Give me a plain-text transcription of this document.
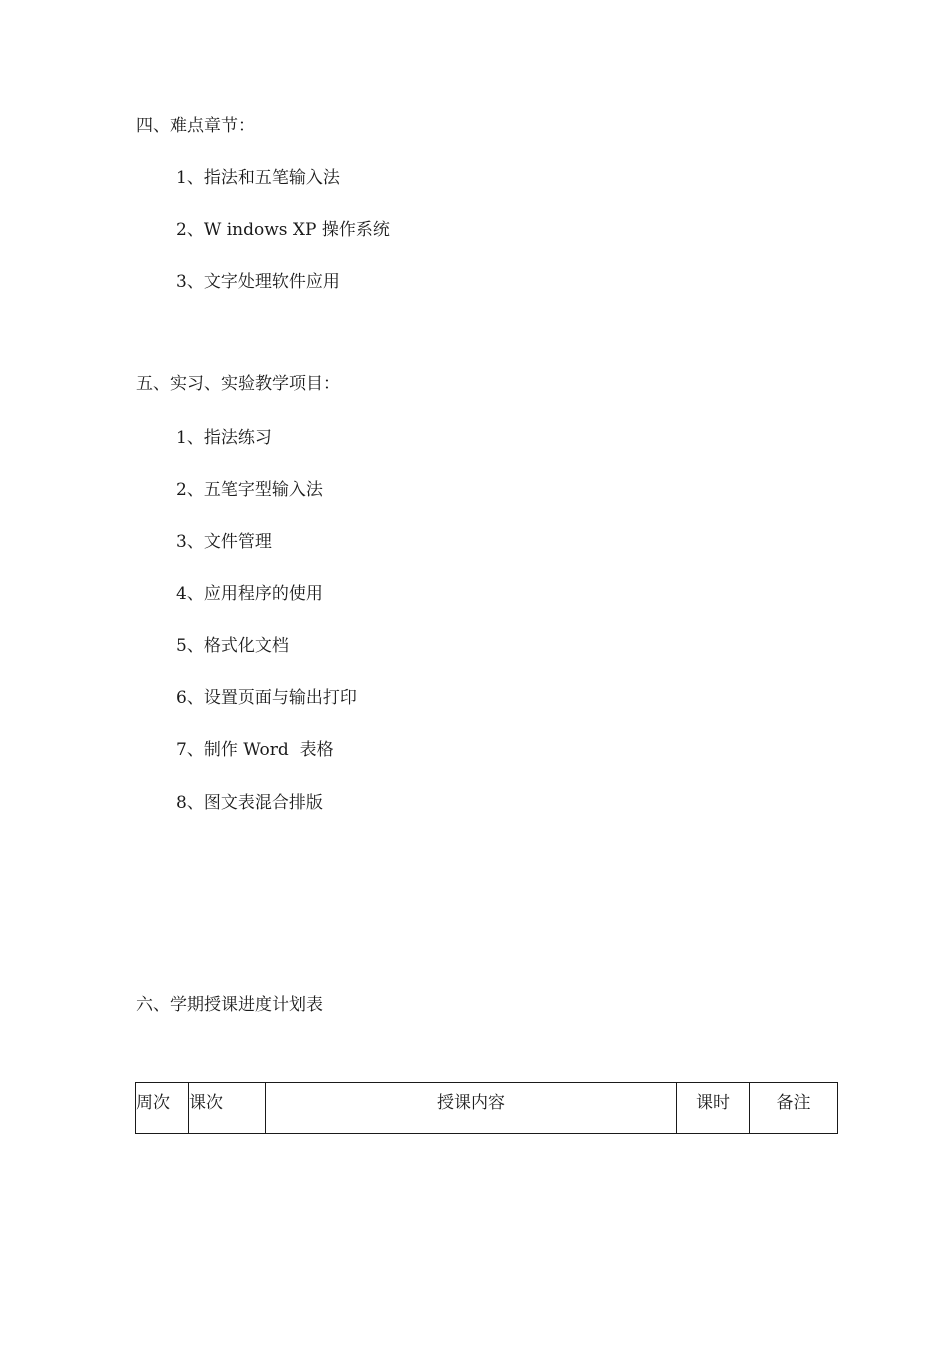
四、难点章节：
1、指法和五笔输入法
2、W indows XP 操作系统
3、文字处理软件应用
五、实习、实验教学项目：
1、指法练习
2、五笔字型输入法
3、文件管理
4、应用程序的使用
5、格式化文档
6、设置页面与输出打印
7、制作 Word  表格
8、图文表混合排版
六、学期授课进度计划表
周次	课次	授课内容	课时	备注
